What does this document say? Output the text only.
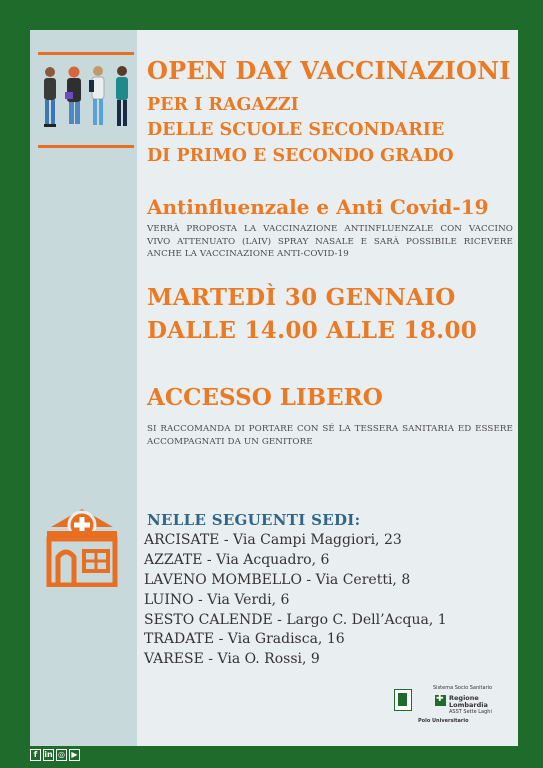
OPEN DAY VACCINAZIONI
PER I RAGAZZI
DELLE SCUOLE SECONDARIE
DI PRIMO E SECONDO GRADO
Antinfluenzale e Anti Covid-19
VERRÀ PROPOSTA LA VACCINAZIONE ANTINFLUENZALE CON VACCINO VIVO ATTENUATO (LAIV) SPRAY NASALE E SARÀ POSSIBILE RICEVERE ANCHE LA VACCINAZIONE ANTI-COVID-19
MARTEDÌ 30 GENNAIO
DALLE 14.00 ALLE 18.00
ACCESSO LIBERO
SI RACCOMANDA DI PORTARE CON SÉ LA TESSERA SANITARIA ED ESSERE ACCOMPAGNATI DA UN GENITORE
NELLE SEGUENTI SEDI:
ARCISATE - Via Campi Maggiori, 23
AZZATE - Via Acquadro, 6
LAVENO MOMBELLO - Via Ceretti, 8
LUINO - Via Verdi, 6
SESTO CALENDE - Largo C. Dell’Acqua, 1
TRADATE - Via Gradisca, 16
VARESE - Via O. Rossi, 9
Sistema Socio Sanitario
✚
Regione
Lombardia
ASST Sette Laghi
Polo Universitario
f in ◎ ▶
